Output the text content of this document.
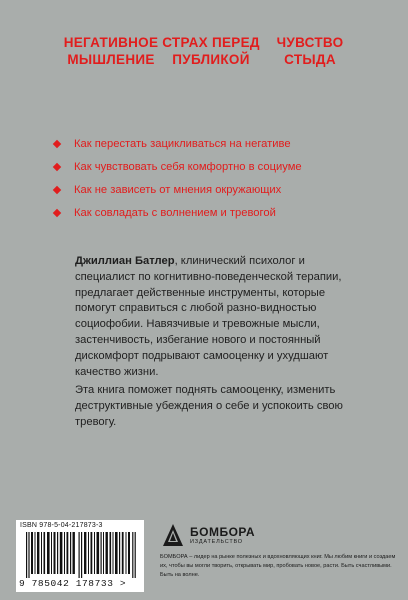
НЕГАТИВНОЕ
МЫШЛЕНИЕ
СТРАХ ПЕРЕД
ПУБЛИКОЙ
ЧУВСТВО
СТЫДА
Как перестать зацикливаться на негативе
Как чувствовать себя комфортно в социуме
Как не зависеть от мнения окружающих
Как совладать с волнением и тревогой

Джиллиан Батлер, клинический психолог и специалист по когнитивно-поведенческой терапии, предлагает действенные инструменты, которые помогут справиться с любой разно-видностью социофобии. Навязчивые и тревожные мысли, застенчивость, избегание нового и постоянный дискомфорт подрывают самооценку и ухудшают качество жизни.

Эта книга поможет поднять самооценку, изменить деструктивные убеждения о себе и успокоить свою тревогу.

ISBN 978-5-04-217873-3
9 785042 178733 >
БОМБОРА
ИЗДАТЕЛЬСТВО
БОМБОРА – лидер на рынке полезных и вдохновляющих книг. Мы любим книги и создаем их, чтобы вы могли творить, открывать мир, пробовать новое, расти. Быть счастливыми. Быть на волне.
